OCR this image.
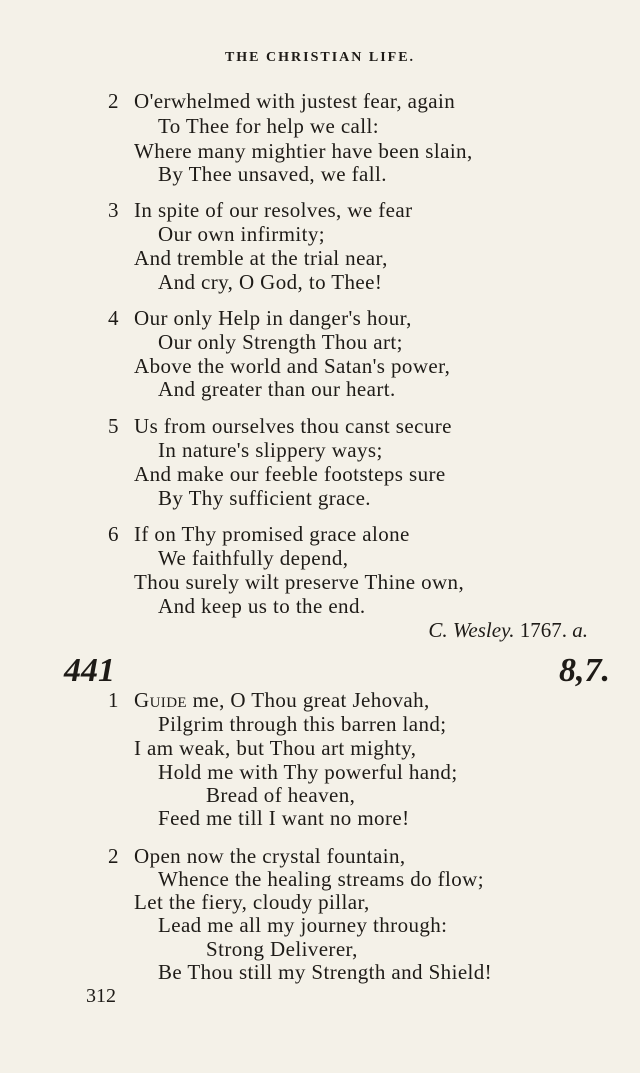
THE CHRISTIAN LIFE.
2 O'erwhelmed with justest fear, again
To Thee for help we call:
Where many mightier have been slain,
By Thee unsaved, we fall.
3 In spite of our resolves, we fear
Our own infirmity;
And tremble at the trial near,
And cry, O God, to Thee!
4 Our only Help in danger's hour,
Our only Strength Thou art;
Above the world and Satan's power,
And greater than our heart.
5 Us from ourselves thou canst secure
In nature's slippery ways;
And make our feeble footsteps sure
By Thy sufficient grace.
6 If on Thy promised grace alone
We faithfully depend,
Thou surely wilt preserve Thine own,
And keep us to the end.
C. Wesley. 1767. a.
441	8,7.
1 Guide me, O Thou great Jehovah,
Pilgrim through this barren land;
I am weak, but Thou art mighty,
Hold me with Thy powerful hand;
Bread of heaven,
Feed me till I want no more!
2 Open now the crystal fountain,
Whence the healing streams do flow;
Let the fiery, cloudy pillar,
Lead me all my journey through:
Strong Deliverer,
Be Thou still my Strength and Shield!
312
